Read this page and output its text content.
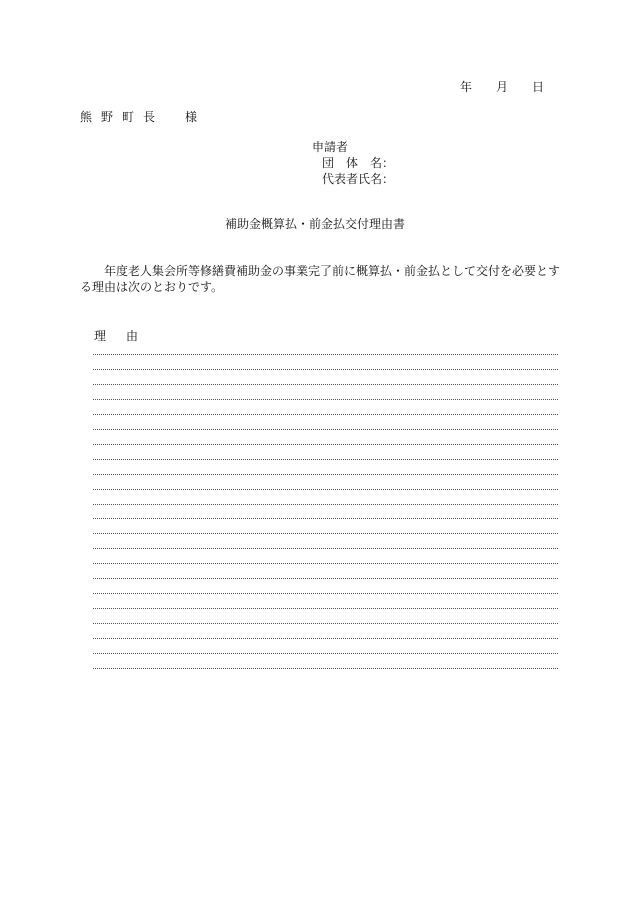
年 月 日
熊野町長　様
申請者
団　体　名：
代表者氏名：
補助金概算払・前金払交付理由書
年度老人集会所等修繕費補助金の事業完了前に概算払・前金払として交付を必要とする理由は次のとおりです。
理由
